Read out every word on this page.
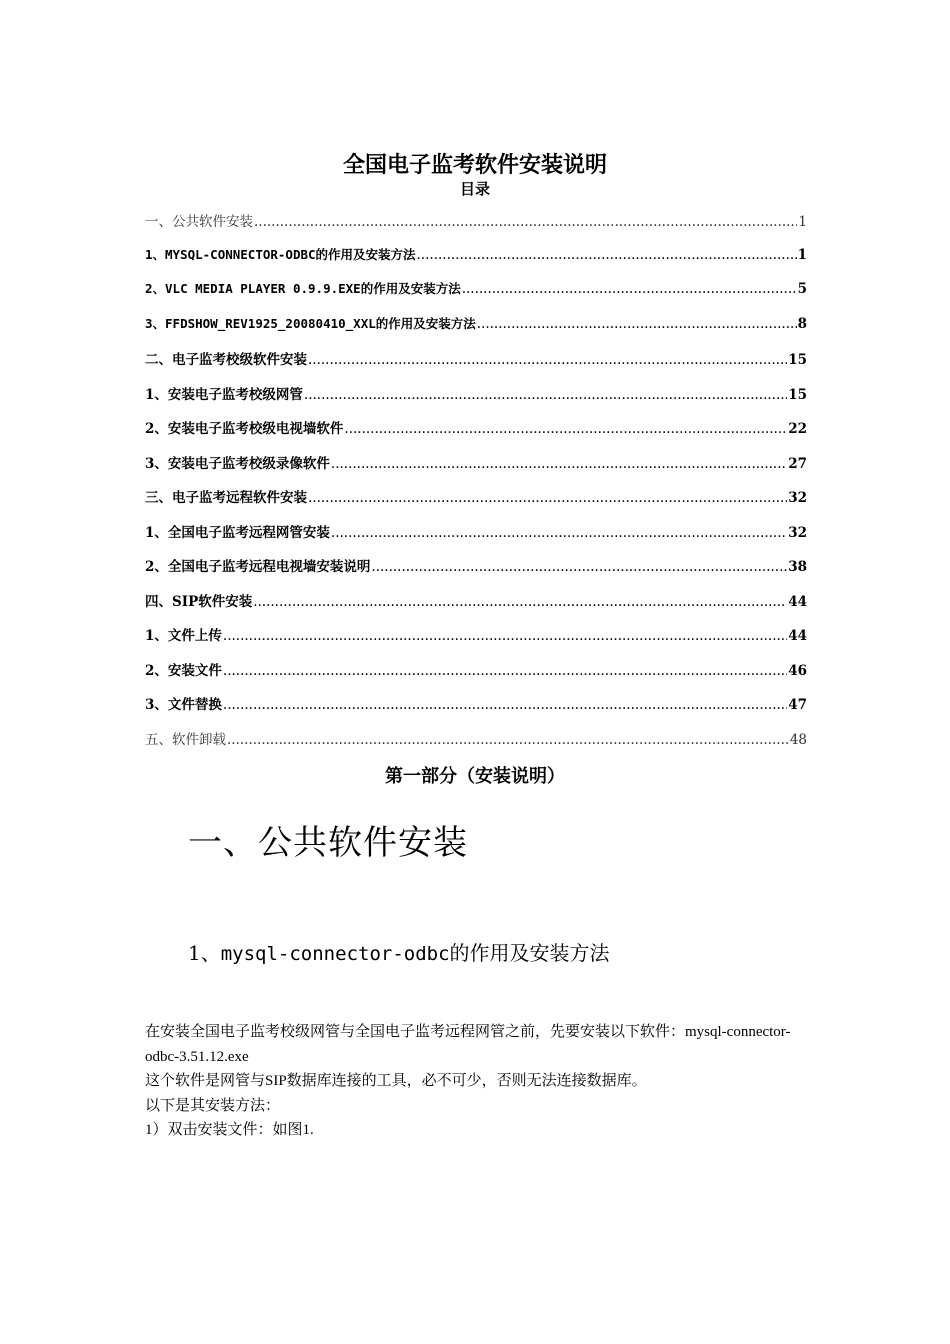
全国电子监考软件安装说明
目录
一、公共软件安装 .....	1
1、MYSQL-CONNECTOR-ODBC的作用及安装方法 .....	1
2、VLC MEDIA PLAYER 0.9.9.EXE的作用及安装方法 .....	5
3、FFDSHOW_REV1925_20080410_XXL的作用及安装方法 .....	8
二、电子监考校级软件安装 .....	15
1、安装电子监考校级网管 .....	15
2、安装电子监考校级电视墙软件 .....	22
3、安装电子监考校级录像软件 .....	27
三、电子监考远程软件安装 .....	32
1、全国电子监考远程网管安装 .....	32
2、全国电子监考远程电视墙安装说明 .....	38
四、SIP软件安装 .....	44
1、文件上传 .....	44
2、安装文件 .....	46
3、文件替换 .....	47
五、软件卸载 .....	48
第一部分（安装说明）
一、公共软件安装
1、mysql-connector-odbc的作用及安装方法

在安装全国电子监考校级网管与全国电子监考远程网管之前，先要安装以下软件：mysql-connector-odbc-3.51.12.exe

这个软件是网管与SIP数据库连接的工具，必不可少，否则无法连接数据库。

以下是其安装方法：

1）双击安装文件：如图1.
